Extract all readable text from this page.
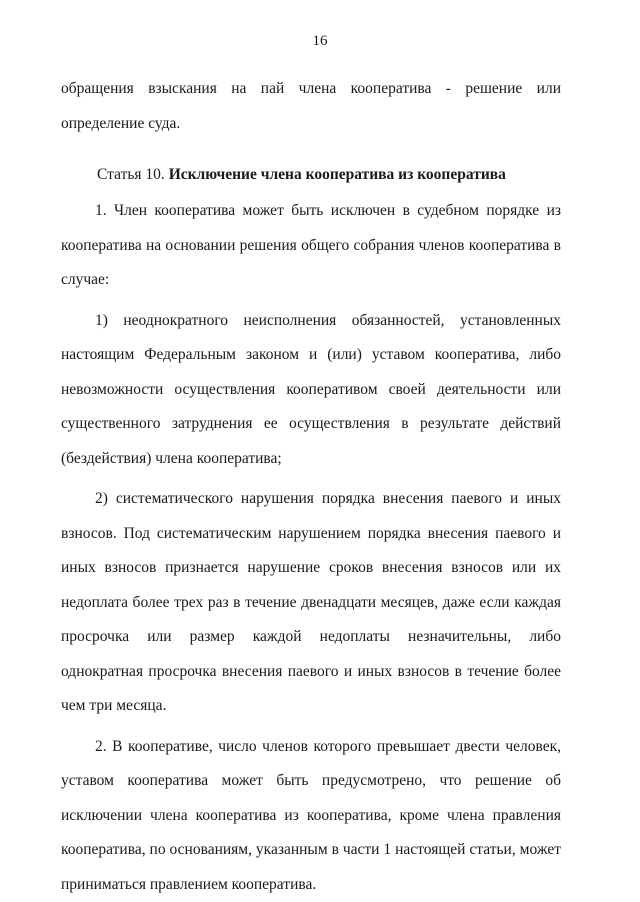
16

обращения взыскания на пай члена кооператива - решение или определение суда.

Статья 10. Исключение члена кооператива из кооператива

1. Член кооператива может быть исключен в судебном порядке из кооператива на основании решения общего собрания членов кооператива в случае:

1) неоднократного неисполнения обязанностей, установленных настоящим Федеральным законом и (или) уставом кооператива, либо невозможности осуществления кооперативом своей деятельности или существенного затруднения ее осуществления в результате действий (бездействия) члена кооператива;

2) систематического нарушения порядка внесения паевого и иных взносов. Под систематическим нарушением порядка внесения паевого и иных взносов признается нарушение сроков внесения взносов или их недоплата более трех раз в течение двенадцати месяцев, даже если каждая просрочка или размер каждой недоплаты незначительны, либо однократная просрочка внесения паевого и иных взносов в течение более чем три месяца.

2. В кооперативе, число членов которого превышает двести человек, уставом кооператива может быть предусмотрено, что решение об исключении члена кооператива из кооператива, кроме члена правления кооператива, по основаниям, указанным в части 1 настоящей статьи, может приниматься правлением кооператива.
